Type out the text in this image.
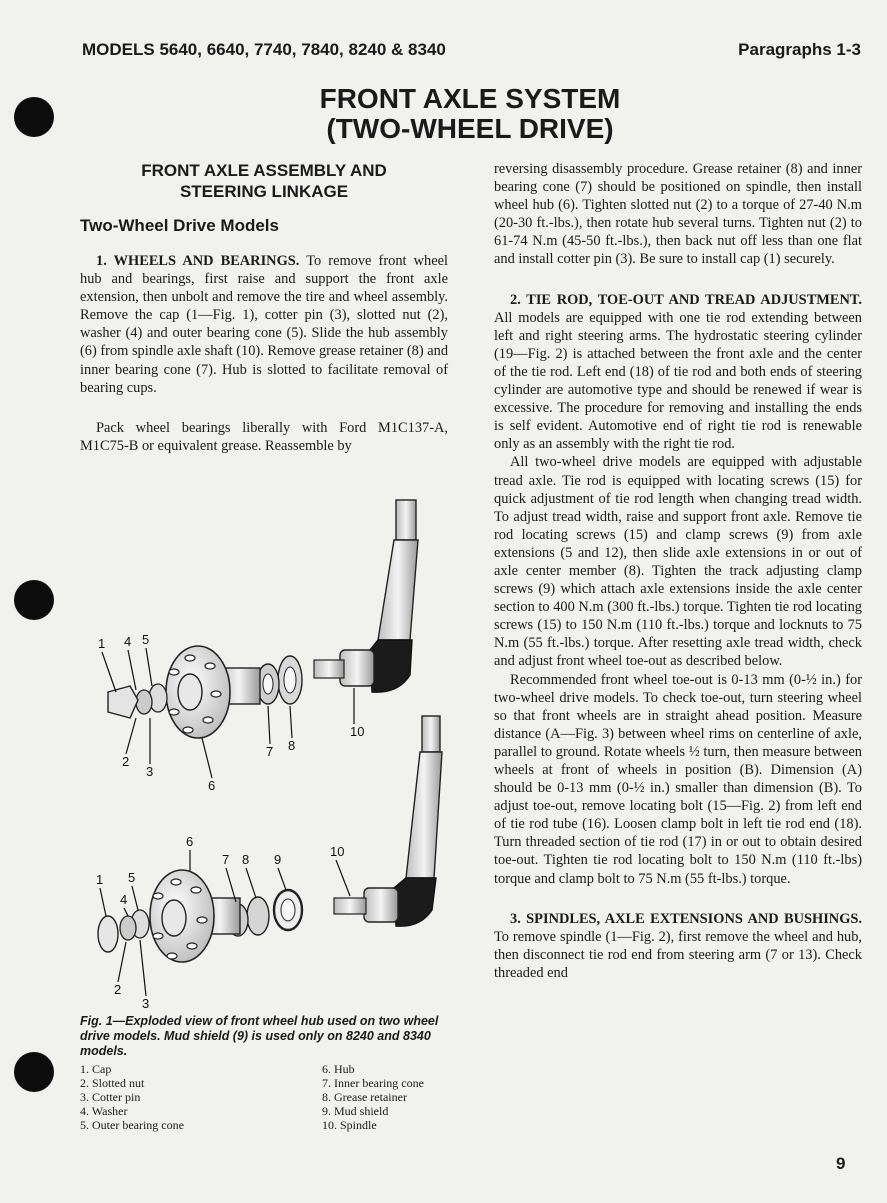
MODELS 5640, 6640, 7740, 7840, 8240 & 8340	Paragraphs 1-3
FRONT AXLE SYSTEM
(TWO-WHEEL DRIVE)
FRONT AXLE ASSEMBLY AND
STEERING LINKAGE
Two-Wheel Drive Models

1. WHEELS AND BEARINGS. To remove front wheel hub and bearings, first raise and support the front axle extension, then unbolt and remove the tire and wheel assembly. Remove the cap (1—Fig. 1), cotter pin (3), slotted nut (2), washer (4) and outer bearing cone (5). Slide the hub assembly (6) from spindle axle shaft (10). Remove grease retainer (8) and inner bearing cone (7). Hub is slotted to facilitate removal of bearing cups.

Pack wheel bearings liberally with Ford M1C137-A, M1C75-B or equivalent grease. Reassemble by

1 4 5
2
3
6
7 8
10
6
7 8 9
10
1 5
4
2
3
Fig. 1—Exploded view of front wheel hub used on two wheel drive models. Mud shield (9) is used only on 8240 and 8340 models.
1. Cap
2. Slotted nut
3. Cotter pin
4. Washer
5. Outer bearing cone
6. Hub
7. Inner bearing cone
8. Grease retainer
9. Mud shield
10. Spindle

reversing disassembly procedure. Grease retainer (8) and inner bearing cone (7) should be positioned on spindle, then install wheel hub (6). Tighten slotted nut (2) to a torque of 27-40 N.m (20-30 ft.-lbs.), then rotate hub several turns. Tighten nut (2) to 61-74 N.m (45-50 ft.-lbs.), then back nut off less than one flat and install cotter pin (3). Be sure to install cap (1) securely.

2. TIE ROD, TOE-OUT AND TREAD ADJUSTMENT. All models are equipped with one tie rod extending between left and right steering arms. The hydrostatic steering cylinder (19—Fig. 2) is attached between the front axle and the center of the tie rod. Left end (18) of tie rod and both ends of steering cylinder are automotive type and should be renewed if wear is excessive. The procedure for removing and installing the ends is self evident. Automotive end of right tie rod is renewable only as an assembly with the right tie rod.

All two-wheel drive models are equipped with adjustable tread axle. Tie rod is equipped with locating screws (15) for quick adjustment of tie rod length when changing tread width. To adjust tread width, raise and support front axle. Remove tie rod locating screws (15) and clamp screws (9) from axle extensions (5 and 12), then slide axle extensions in or out of axle center member (8). Tighten the track adjusting clamp screws (9) which attach axle extensions inside the axle center section to 400 N.m (300 ft.-lbs.) torque. Tighten tie rod locating screws (15) to 150 N.m (110 ft.-lbs.) torque and locknuts to 75 N.m (55 ft.-lbs.) torque. After resetting axle tread width, check and adjust front wheel toe-out as described below.

Recommended front wheel toe-out is 0-13 mm (0-½ in.) for two-wheel drive models. To check toe-out, turn steering wheel so that front wheels are in straight ahead position. Measure distance (A—Fig. 3) between wheel rims on centerline of axle, parallel to ground. Rotate wheels ½ turn, then measure between wheels at front of wheels in position (B). Dimension (A) should be 0-13 mm (0-½ in.) smaller than dimension (B). To adjust toe-out, remove locating bolt (15—Fig. 2) from left end of tie rod tube (16). Loosen clamp bolt in left tie rod end (18). Turn threaded section of tie rod (17) in or out to obtain desired toe-out. Tighten tie rod locating bolt to 150 N.m (110 ft.-lbs) torque and clamp bolt to 75 N.m (55 ft-lbs.) torque.

3. SPINDLES, AXLE EXTENSIONS AND BUSHINGS. To remove spindle (1—Fig. 2), first remove the wheel and hub, then disconnect tie rod end from steering arm (7 or 13). Check threaded end

9
